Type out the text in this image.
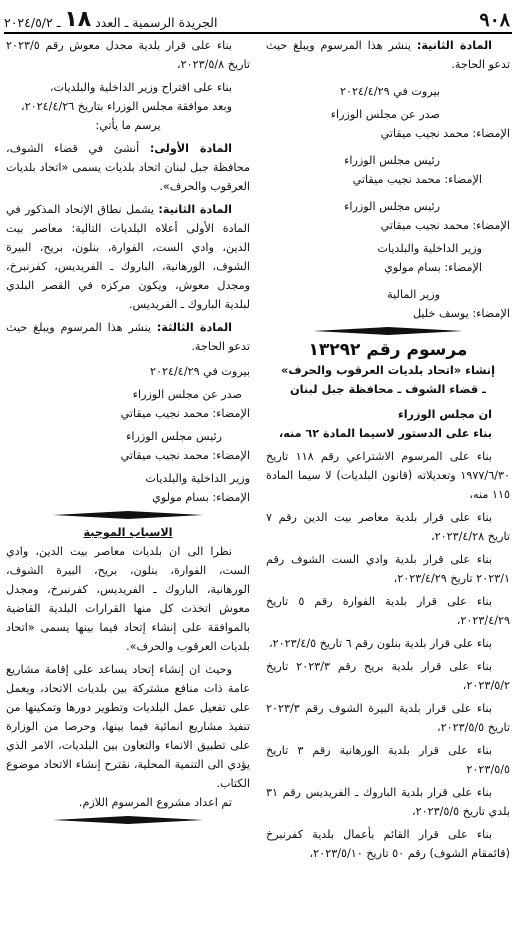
٩٠٨
الجريدة الرسمية ـ العدد
١٨
ـ ٢٠٢٤/٥/٢

المادة الثانية: ينشر هذا المرسوم ويبلغ حيث تدعو الحاجة.

بيروت في ٢٠٢٤/٤/٢٩

صدر عن مجلس الوزراء

الإمضاء: محمد نجيب ميقاتي

رئيس مجلس الوزراء

الإمضاء: محمد نجيب ميقاتي

رئيس مجلس الوزراء

الإمضاء: محمد نجيب ميقاتي

وزير الداخلية والبلديات

الإمضاء: بسام مولوي

وزير المالية

الإمضاء: يوسف خليل

مرسوم رقم ١٣٢٩٢

إنشاء «اتحاد بلديات العرقوب والحرف»

ـ قضاء الشوف ـ محافظة جبل لبنان

ان مجلس الوزراء

بناء على الدستور لاسيما المادة ٦٢ منه،

بناء على المرسوم الاشتراعي رقم ١١٨ تاريخ ١٩٧٧/٦/٣٠ وتعديلاته (قانون البلديات) لا سيما المادة ١١٥ منه،

بناء على قرار بلدية معاصر بيت الدين رقم ٧ تاريخ ٢٠٢٣/٤/٢٨،

بناء على قرار بلدية وادي الست الشوف رقم ٢٠٢٣/١ تاريخ ٢٠٢٣/٤/٢٩،

بناء على قرار بلدية الفوارة رقم ٥ تاريخ ٢٠٢٣/٤/٢٩،

بناء على قرار بلدية بنلون رقم ٦ تاريخ ٢٠٢٣/٤/٥،

بناء على قرار بلدية بريح رقم ٢٠٢٣/٣ تاريخ ٢٠٢٣/٥/٢،

بناء على قرار بلدية البيرة الشوف رقم ٢٠٢٣/٣ تاريخ ٢٠٢٣/٥/٥،

بناء على قرار بلدية الورهانية رقم ٣ تاريخ ٢٠٢٣/٥/٥

بناء على قرار بلدية الباروك ـ الفريديس رقم ٣١ بلدي تاريخ ٢٠٢٣/٥/٥،

بناء على قرار القائم بأعمال بلدية كفرنبرخ (قائمقام الشوف) رقم ٥٠ تاريخ ٢٠٢٣/٥/١٠،

بناء على قرار بلدية مجدل معوش رقم ٢٠٢٣/٥ تاريخ ٢٠٢٣/٥/٨،

بناء على اقتراح وزير الداخلية والبلديات،

وبعد موافقة مجلس الوزراء بتاريخ ٢٠٢٤/٤/٢٦،

يرسم ما يأتي:

المادة الأولى: أنشئ في قضاء الشوف، محافظة جبل لبنان اتحاد بلديات يسمى «اتحاد بلديات العرقوب والحرف».

المادة الثانية: يشمل نطاق الإتحاد المذكور في المادة الأولى أعلاه البلديات التالية: معاصر بيت الدين، وادي الست، الفوارة، بنلون، بريح، البيرة الشوف، الورهانية، الباروك ـ الفريديس، كفرنبرخ، ومجدل معوش، ويكون مركزه في القصر البلدي لبلدية الباروك ـ الفريديس.

المادة الثالثة: ينشر هذا المرسوم ويبلغ حيث تدعو الحاجة.

بيروت في ٢٠٢٤/٤/٢٩

صدر عن مجلس الوزراء

الإمضاء: محمد نجيب ميقاتي

رئيس مجلس الوزراء

الإمضاء: محمد نجيب ميقاتي

وزير الداخلية والبلديات

الإمضاء: بسام مولوي

الاسباب الموجبة

نظرا الى ان بلديات معاصر بيت الدين، وادي الست، الفوارة، بنلون، بريح، البيرة الشوف، الورهانية، الباروك ـ الفريديس، كفرنبرخ، ومجدل معوش اتخذت كل منها القرارات البلدية القاضية بالموافقة على إنشاء إتحاد فيما بينها يسمى «اتحاد بلديات العرقوب والحرف».

وحيث ان إنشاء إتحاد يساعد على إقامة مشاريع عامة ذات منافع مشتركة بين بلديات الاتحاد، ويعمل على تفعيل عمل البلديات وتطوير دورها وتمكينها من تنفيذ مشاريع انمائية فيما بينها، وحرصا من الوزارة على تطبيق الانماء والتعاون بين البلديات، الامر الذي يؤدي الى التنمية المحلية، نقترح إنشاء الاتحاد موضوع الكتاب.

تم اعداد مشروع المرسوم اللازم.
